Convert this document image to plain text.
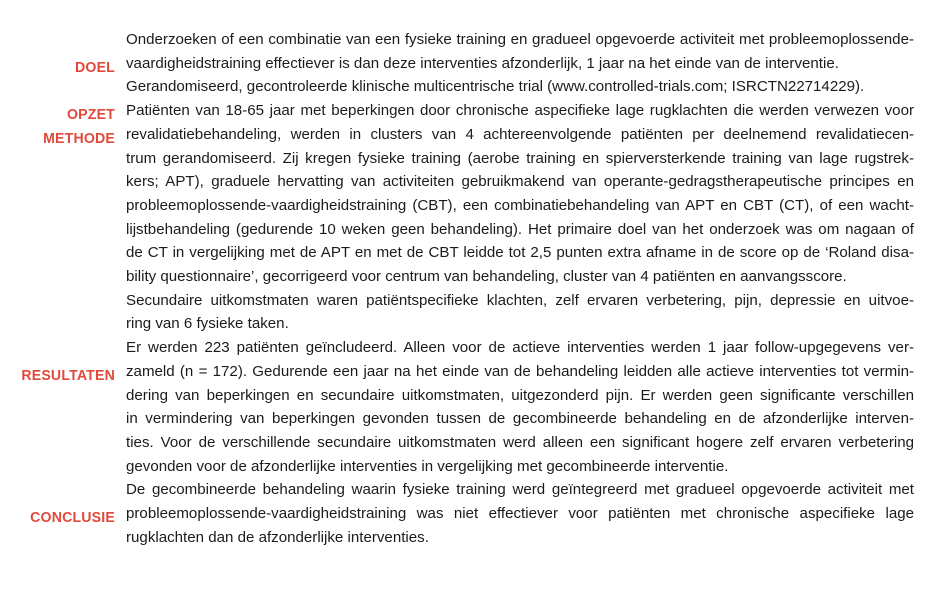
DOEL
OPZET
METHODE
RESULTATEN
CONCLUSIE
Onderzoeken of een combinatie van een fysieke training en gradueel opgevoerde activiteit met probleemoplossende-
vaardigheidstraining effectiever is dan deze interventies afzonderlijk, 1 jaar na het einde van de interventie.
Gerandomiseerd, gecontroleerde klinische multicentrische trial (www.controlled-trials.com; ISRCTN22714229).
Patiënten van 18-65 jaar met beperkingen door chronische aspecifieke lage rugklachten die werden verwezen voor
revalidatiebehandeling, werden in clusters van 4 achtereenvolgende patiënten per deelnemend revalidatiecen-
trum gerandomiseerd. Zij kregen fysieke training (aerobe training en spierversterkende training van lage rugstrek-
kers; APT), graduele hervatting van activiteiten gebruikmakend van operante-gedragstherapeutische principes en
probleemoplossende-vaardigheidstraining (CBT), een combinatiebehandeling van APT en CBT (CT), of een wacht-
lijstbehandeling (gedurende 10 weken geen behandeling). Het primaire doel van het onderzoek was om nagaan of
de CT in vergelijking met de APT en met de CBT leidde tot 2,5 punten extra afname in de score op de ‘Roland disa-
bility questionnaire’, gecorrigeerd voor centrum van behandeling, cluster van 4 patiënten en aanvangsscore.
Secundaire uitkomstmaten waren patiëntspecifieke klachten, zelf ervaren verbetering, pijn, depressie en uitvoe-
ring van 6 fysieke taken.
Er werden 223 patiënten geïncludeerd. Alleen voor de actieve interventies werden 1 jaar follow-upgegevens ver-
zameld (n = 172). Gedurende een jaar na het einde van de behandeling leidden alle actieve interventies tot vermin-
dering van beperkingen en secundaire uitkomstmaten, uitgezonderd pijn. Er werden geen significante verschillen
in vermindering van beperkingen gevonden tussen de gecombineerde behandeling en de afzonderlijke interven-
ties. Voor de verschillende secundaire uitkomstmaten werd alleen een significant hogere zelf ervaren verbetering
gevonden voor de afzonderlijke interventies in vergelijking met gecombineerde interventie.
De gecombineerde behandeling waarin fysieke training werd geïntegreerd met gradueel opgevoerde activiteit met
probleemoplossende-vaardigheidstraining was niet effectiever voor patiënten met chronische aspecifieke lage
rugklachten dan de afzonderlijke interventies.
